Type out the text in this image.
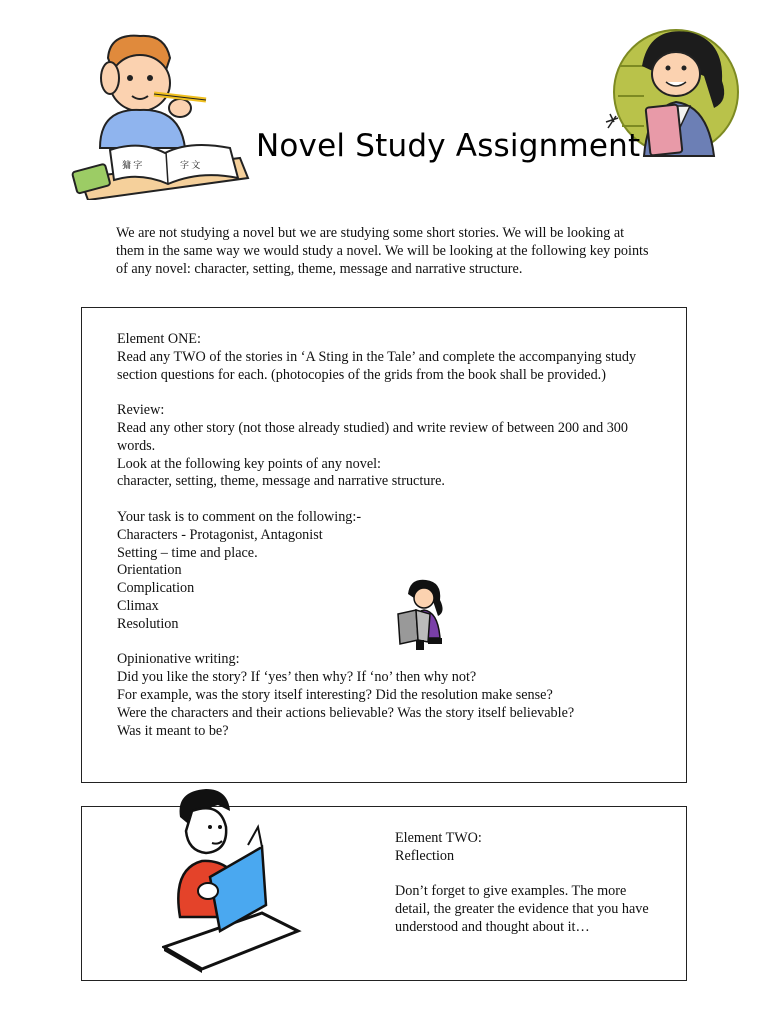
㺎 字	字 文
Novel Study Assignment
We are not studying a novel but we are studying some short stories. We will be looking at them in the same way we would study a novel. We will be looking at the following key points of any novel: character, setting, theme, message and narrative structure.
Element ONE:
Read any TWO of the stories in ‘A Sting in the Tale’ and complete the accompanying study section questions for each. (photocopies of the grids from the book shall be provided.)
Review:
Read any other story (not those already studied) and write review of between 200 and 300 words.
Look at the following key points of any novel:
character, setting, theme, message and narrative structure.
Your task is to comment on the following:-
Characters - Protagonist, Antagonist
Setting – time and place.
Orientation
Complication
Climax
Resolution
Opinionative writing:
Did you like the story? If ‘yes’ then why? If ‘no’ then why not?
For example, was the story itself interesting? Did the resolution make sense?
Were the characters and their actions believable? Was the story itself believable?
Was it meant to be?
Element TWO:
Reflection
Don’t forget to give examples. The more detail, the greater the evidence that you have understood and thought about it…
